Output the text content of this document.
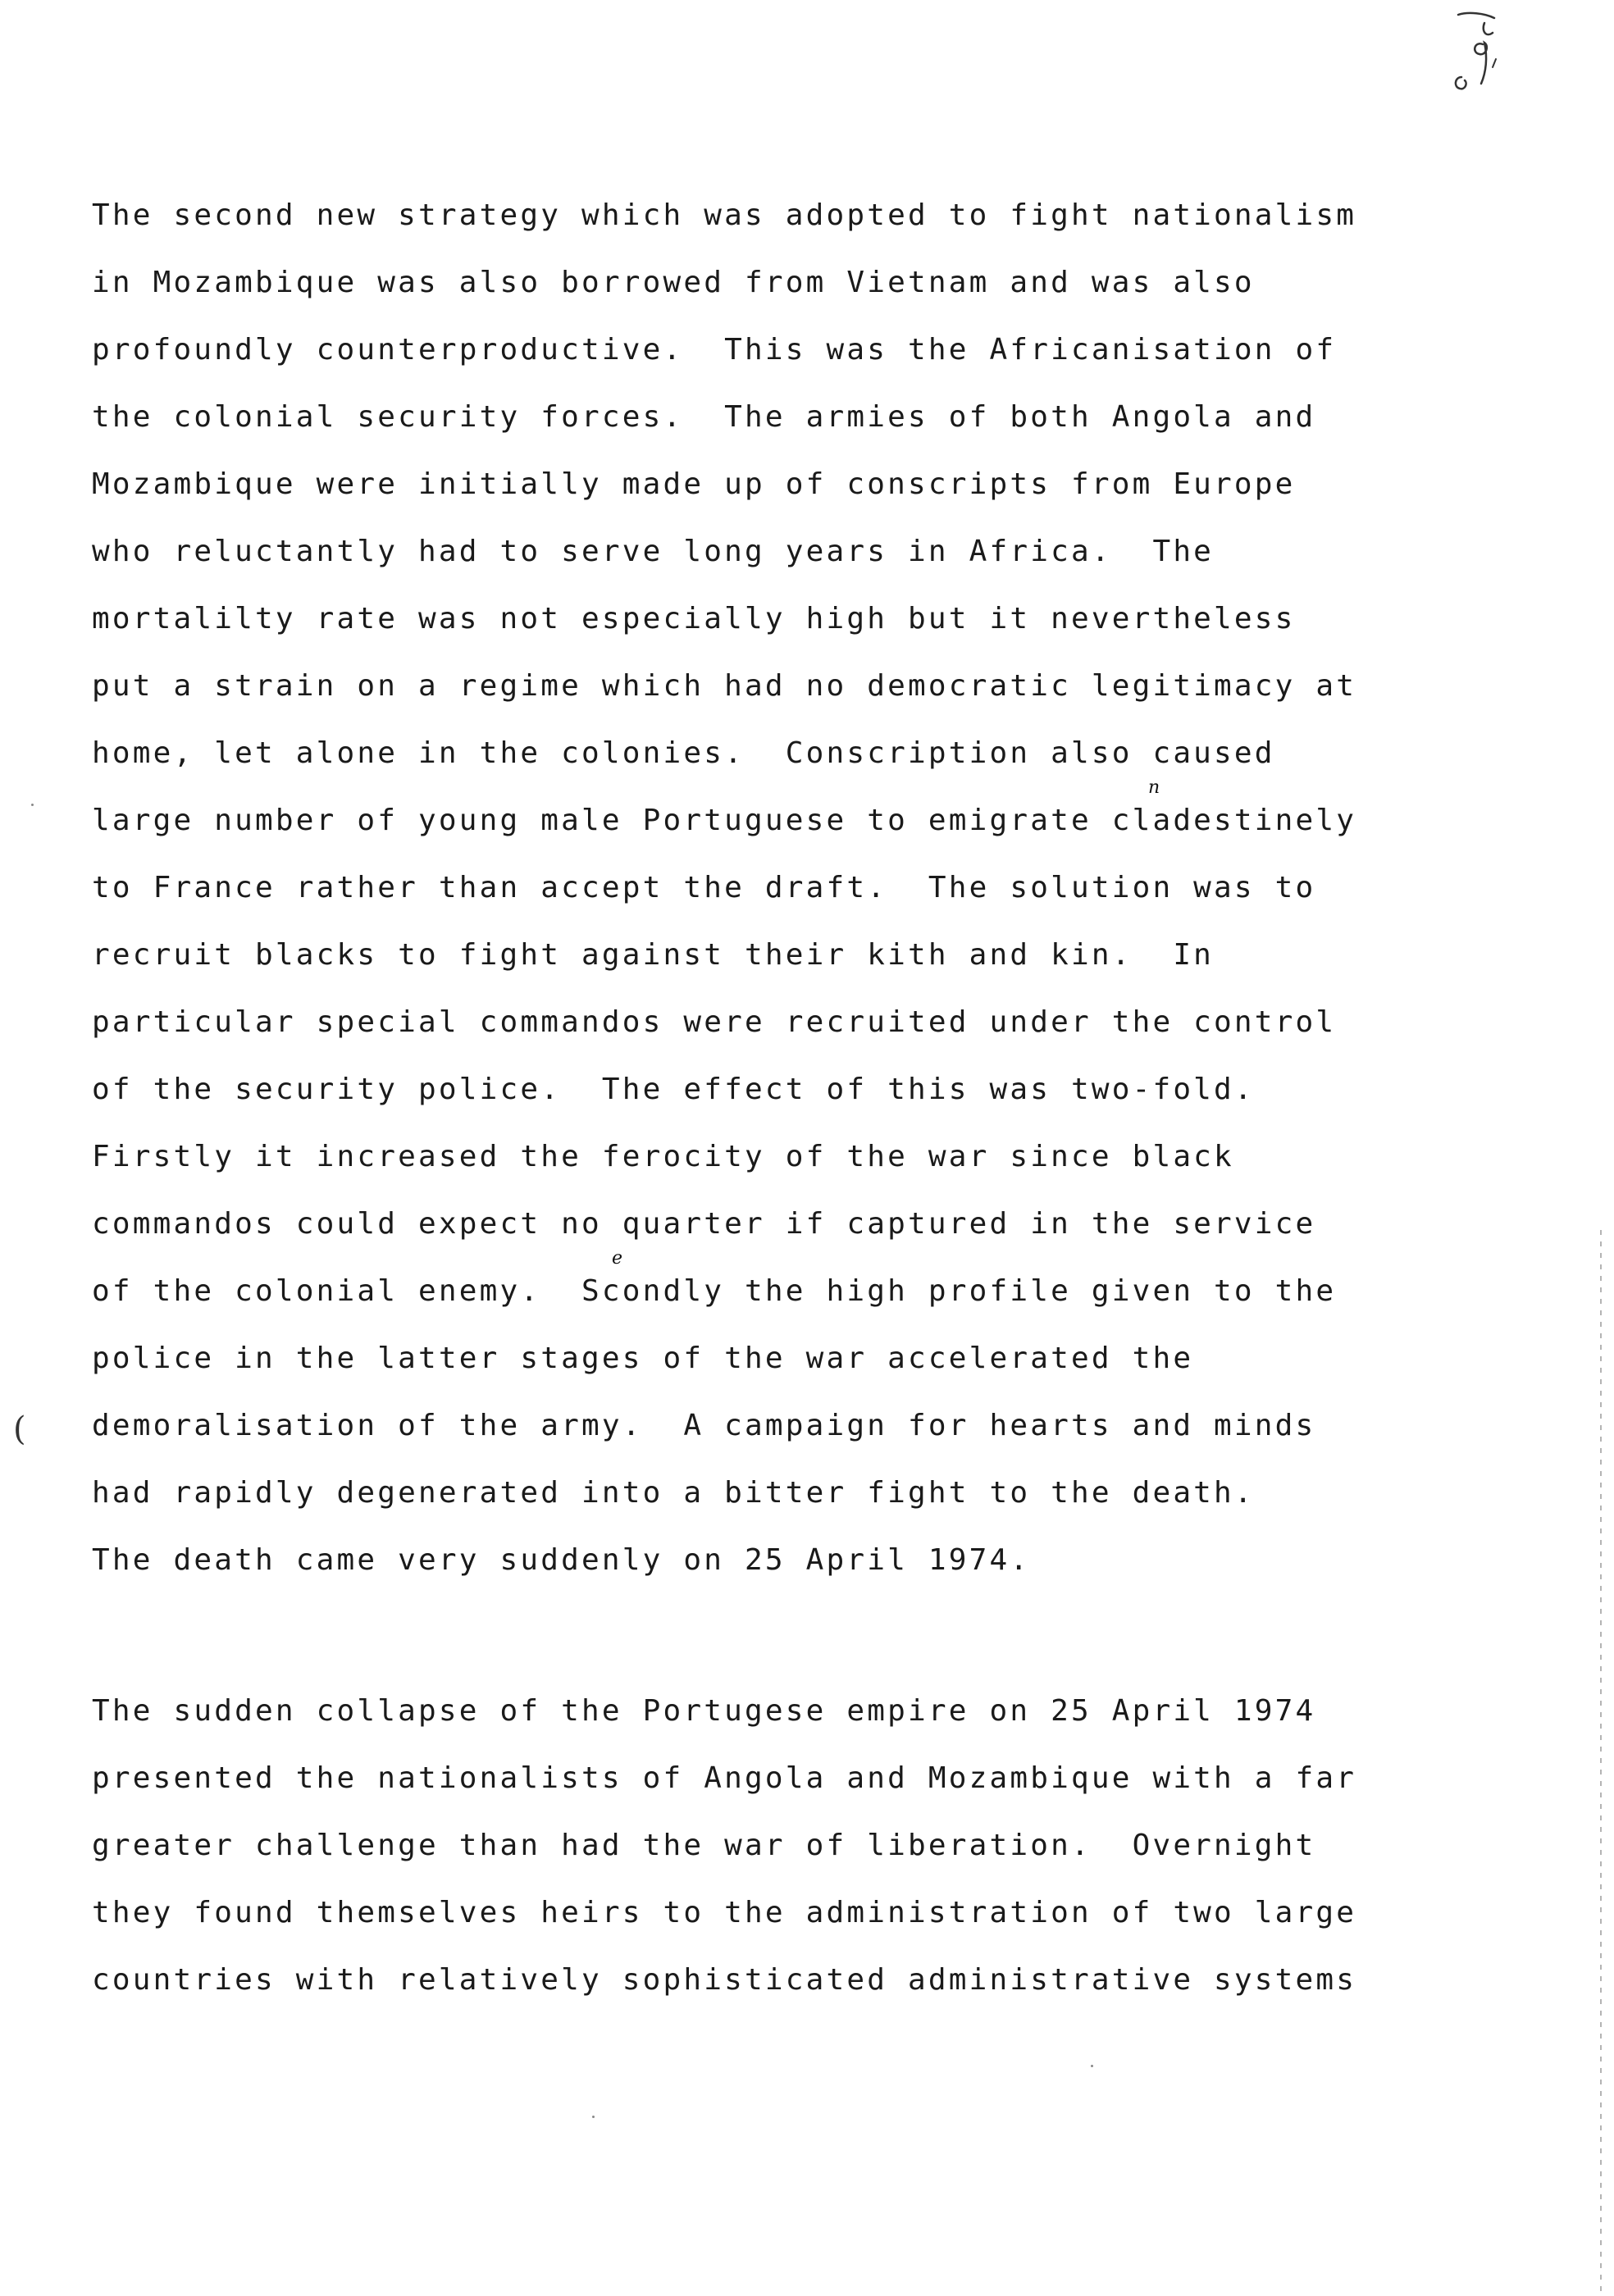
The second new strategy which was adopted to fight nationalism
in Mozambique was also borrowed from Vietnam and was also
profoundly counterproductive.  This was the Africanisation of
the colonial security forces.  The armies of both Angola and
Mozambique were initially made up of conscripts from Europe
who reluctantly had to serve long years in Africa.  The
mortalilty rate was not especially high but it nevertheless
put a strain on a regime which had no democratic legitimacy at
home, let alone in the colonies.  Conscription also caused
large number of young male Portuguese to emigrate cladestinely
to France rather than accept the draft.  The solution was to
recruit blacks to fight against their kith and kin.  In
particular special commandos were recruited under the control
of the security police.  The effect of this was two-fold.
Firstly it increased the ferocity of the war since black
commandos could expect no quarter if captured in the service
of the colonial enemy.  Scondly the high profile given to the
police in the latter stages of the war accelerated the
demoralisation of the army.  A campaign for hearts and minds
had rapidly degenerated into a bitter fight to the death.
The death came very suddenly on 25 April 1974.
The sudden collapse of the Portugese empire on 25 April 1974
presented the nationalists of Angola and Mozambique with a far
greater challenge than had the war of liberation.  Overnight
they found themselves heirs to the administration of two large
countries with relatively sophisticated administrative systems
n
e
(
